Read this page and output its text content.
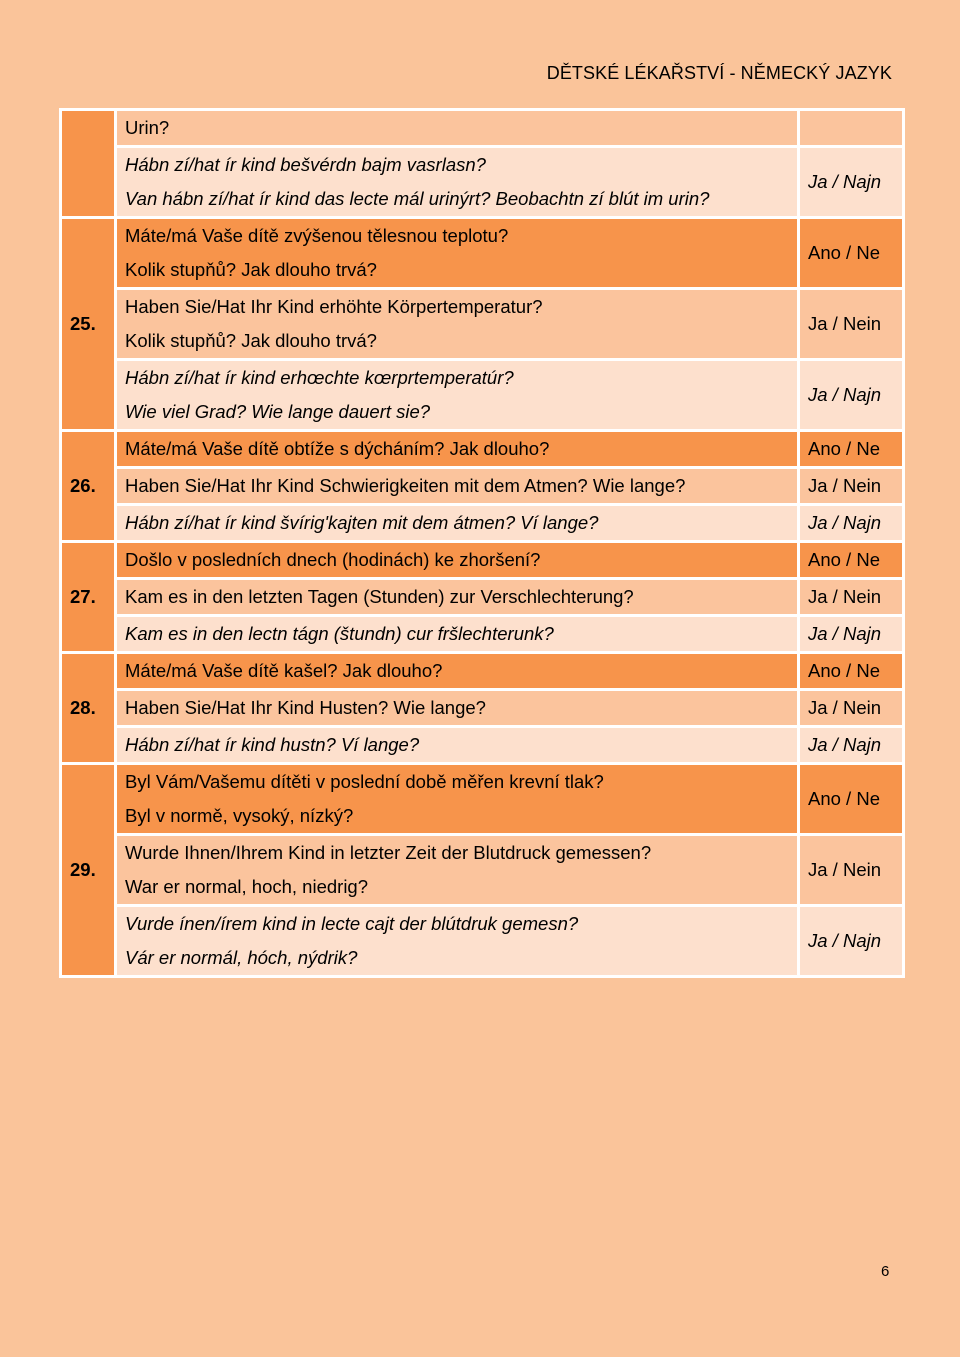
DĚTSKÉ LÉKAŘSTVÍ - NĚMECKÝ JAZYK

	Urin?	

	Hábn zí/hat ír kind bešvérdn bajm vasrlasn?
Van hábn zí/hat ír kind das lecte mál urinýrt? Beobachtn zí blút im urin?	Ja / Najn
25.	Máte/má Vaše dítě zvýšenou tělesnou teplotu?
Kolik stupňů? Jak dlouho trvá?	Ano / Ne

	Haben Sie/Hat Ihr Kind erhöhte Körpertemperatur?
Kolik stupňů? Jak dlouho trvá?	Ja / Nein

	Hábn zí/hat ír kind erhœchte kœrprtemperatúr?
Wie viel Grad? Wie lange dauert sie?	Ja / Najn
26.	Máte/má Vaše dítě obtíže s dýcháním? Jak dlouho?	Ano / Ne

	Haben Sie/Hat Ihr Kind Schwierigkeiten mit dem Atmen? Wie lange?	Ja / Nein

	Hábn zí/hat ír kind švírig'kajten mit dem átmen? Ví lange?	Ja / Najn
27.	Došlo v posledních dnech (hodinách) ke zhoršení?	Ano / Ne

	Kam es in den letzten Tagen (Stunden) zur Verschlechterung?	Ja / Nein

	Kam es in den lectn tágn (štundn) cur fršlechterunk?	Ja / Najn
28.	Máte/má Vaše dítě kašel? Jak dlouho?	Ano / Ne

	Haben Sie/Hat Ihr Kind Husten? Wie lange?	Ja / Nein

	Hábn zí/hat ír kind hustn? Ví lange?	Ja / Najn
29.	Byl Vám/Vašemu dítěti v poslední době měřen krevní tlak?
Byl v normě, vysoký, nízký?	Ano / Ne

	Wurde Ihnen/Ihrem Kind in letzter Zeit der Blutdruck gemessen?
War er normal, hoch, niedrig?	Ja / Nein

	Vurde ínen/írem kind in lecte cajt der blútdruk gemesn?
Vár er normál, hóch, nýdrik?	Ja / Najn
6
